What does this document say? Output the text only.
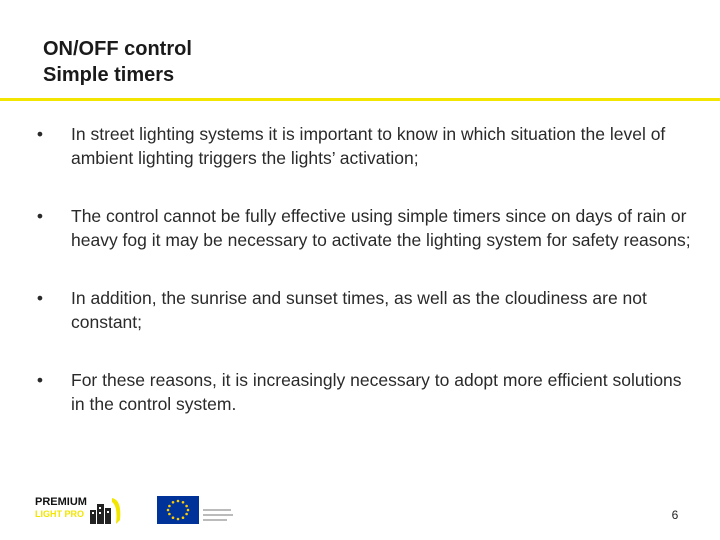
ON/OFF control
Simple timers
•	In street lighting systems it is important to know in which situation the level of ambient lighting triggers the lights’ activation;
•	The control cannot be fully effective using simple timers since on days of rain or heavy fog it may be necessary to activate the lighting system for safety reasons;
•	In addition, the sunrise and sunset times, as well as the cloudiness are not constant;
•	For these reasons, it is increasingly necessary to adopt more efficient solutions in the control system.
PREMIUM
LIGHT PRO	6
